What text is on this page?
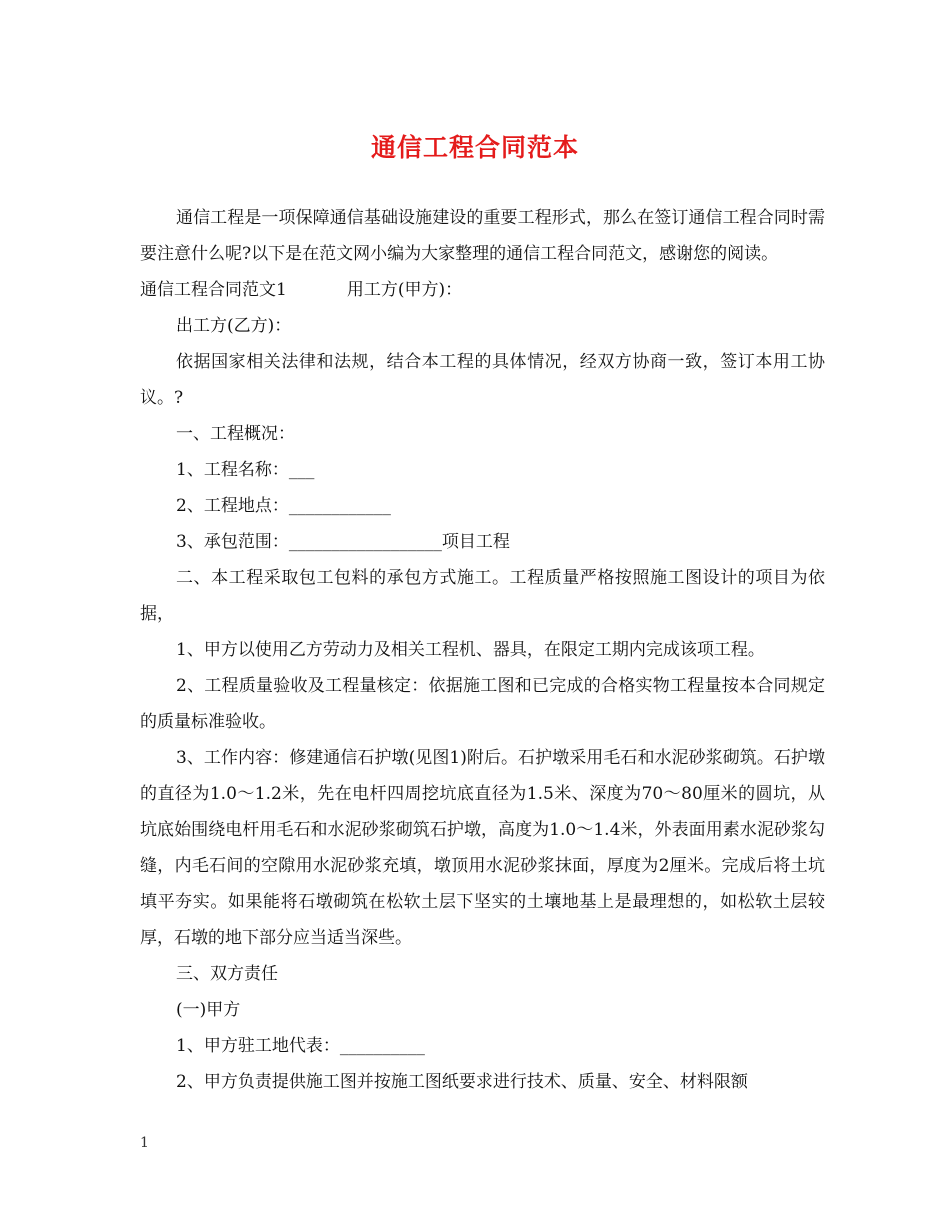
通信工程合同范本

通信工程是一项保障通信基础设施建设的重要工程形式，那么在签订通信工程合同时需要注意什么呢?以下是在范文网小编为大家整理的通信工程合同范文，感谢您的阅读。

通信工程合同范文1	用工方(甲方)：

出工方(乙方)：

依据国家相关法律和法规，结合本工程的具体情况，经双方协商一致，签订本用工协议。?

一、工程概况：

1、工程名称：___

2、工程地点：____________

3、承包范围：__________________项目工程

二、本工程采取包工包料的承包方式施工。工程质量严格按照施工图设计的项目为依据，

1、甲方以使用乙方劳动力及相关工程机、器具，在限定工期内完成该项工程。

2、工程质量验收及工程量核定：依据施工图和已完成的合格实物工程量按本合同规定的质量标准验收。

3、工作内容：修建通信石护墩(见图1)附后。石护墩采用毛石和水泥砂浆砌筑。石护墩的直径为1.0～1.2米，先在电杆四周挖坑底直径为1.5米、深度为70～80厘米的圆坑，从坑底始围绕电杆用毛石和水泥砂浆砌筑石护墩，高度为1.0～1.4米，外表面用素水泥砂浆勾缝，内毛石间的空隙用水泥砂浆充填，墩顶用水泥砂浆抹面，厚度为2厘米。完成后将土坑填平夯实。如果能将石墩砌筑在松软土层下坚实的土壤地基上是最理想的，如松软土层较厚，石墩的地下部分应当适当深些。

三、双方责任

(一)甲方

1、甲方驻工地代表：__________

2、甲方负责提供施工图并按施工图纸要求进行技术、质量、安全、材料限额

1
